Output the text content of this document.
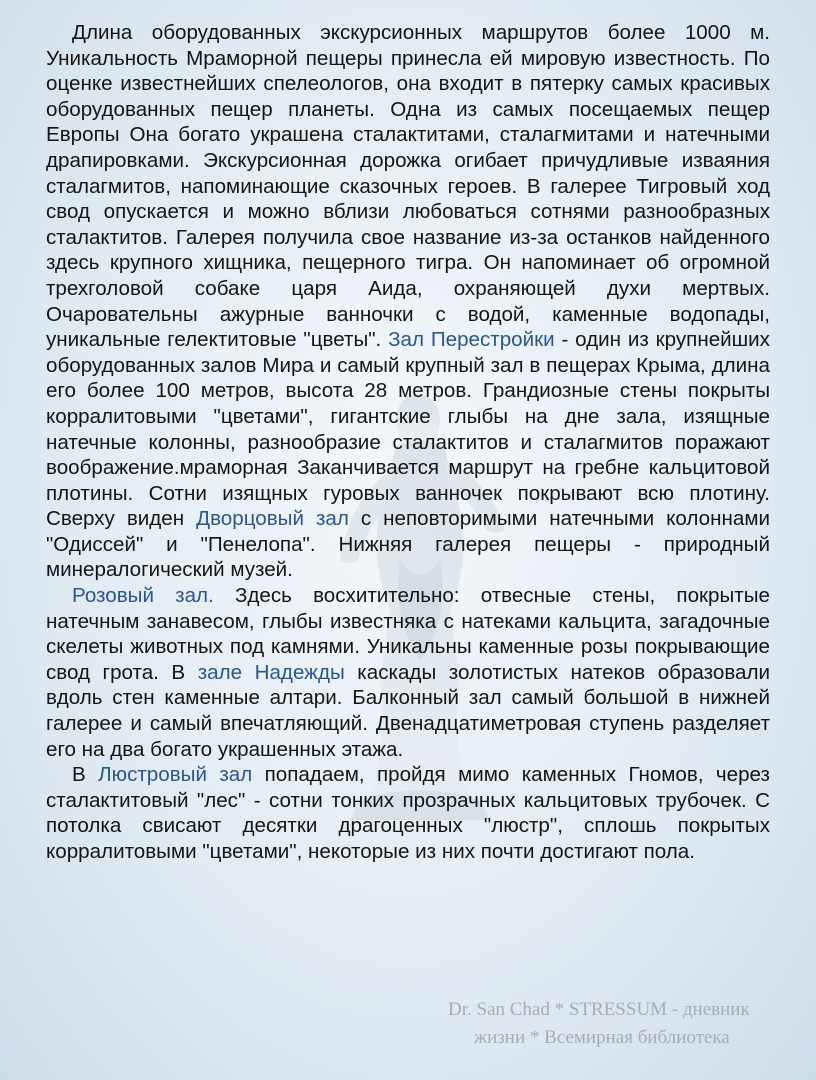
Длина оборудованных экскурсионных маршрутов более 1000 м. Уникальность Мраморной пещеры принесла ей мировую известность. По оценке известнейших спелеологов, она входит в пятерку самых красивых оборудованных пещер планеты. Одна из самых посещаемых пещер Европы Она богато украшена сталактитами, сталагмитами и натечными драпировками. Экскурсионная дорожка огибает причудливые изваяния сталагмитов, напоминающие сказочных героев. В галерее Тигровый ход свод опускается и можно вблизи любоваться сотнями разнообразных сталактитов. Галерея получила свое название из-за останков найденного здесь крупного хищника, пещерного тигра. Он напоминает об огромной трехголовой собаке царя Аида, охраняющей духи мертвых. Очаровательны ажурные ванночки с водой, каменные водопады, уникальные гелектитовые "цветы". Зал Перестройки - один из крупнейших оборудованных залов Мира и самый крупный зал в пещерах Крыма, длина его более 100 метров, высота 28 метров. Грандиозные стены покрыты корралитовыми "цветами", гигантские глыбы на дне зала, изящные натечные колонны, разнообразие сталактитов и сталагмитов поражают воображение.мраморная Заканчивается маршрут на гребне кальцитовой плотины. Сотни изящных гуровых ванночек покрывают всю плотину. Сверху виден Дворцовый зал с неповторимыми натечными колоннами "Одиссей" и "Пенелопа". Нижняя галерея пещеры - природный минералогический музей.

Розовый зал. Здесь восхитительно: отвесные стены, покрытые натечным занавесом, глыбы известняка с натеками кальцита, загадочные скелеты животных под камнями. Уникальны каменные розы покрывающие свод грота. В зале Надежды каскады золотистых натеков образовали вдоль стен каменные алтари. Балконный зал самый большой в нижней галерее и самый впечатляющий. Двенадцатиметровая ступень разделяет его на два богато украшенных этажа.

В Люстровый зал попадаем, пройдя мимо каменных Гномов, через сталактитовый "лес" - сотни тонких прозрачных кальцитовых трубочек. С потолка свисают десятки драгоценных "люстр", сплошь покрытых корралитовыми "цветами", некоторые из них почти достигают пола.

Dr. San Chad * STRESSUM - дневник
жизни * Всемирная библиотека
